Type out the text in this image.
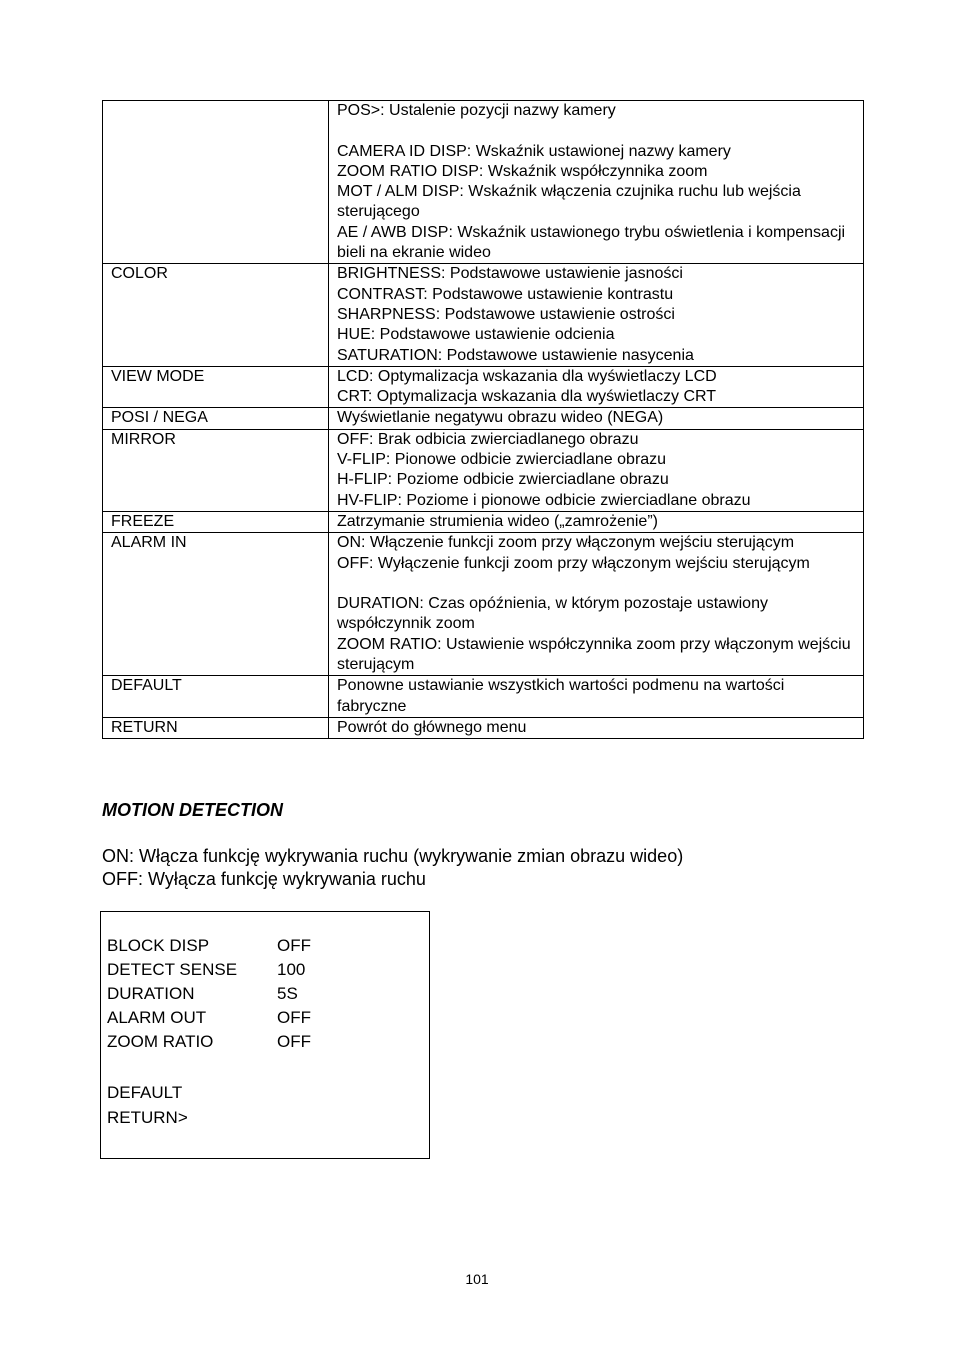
	POS>: Ustalenie pozycji nazwy kamery
CAMERA ID DISP: Wskaźnik ustawionej nazwy kamery
ZOOM RATIO DISP: Wskaźnik współczynnika zoom
MOT / ALM DISP: Wskaźnik włączenia czujnika ruchu lub wejścia sterującego
AE / AWB DISP: Wskaźnik ustawionego trybu oświetlenia i kompensacji bieli na ekranie wideo

COLOR	BRIGHTNESS: Podstawowe ustawienie jasności
CONTRAST: Podstawowe ustawienie kontrastu
SHARPNESS: Podstawowe ustawienie ostrości
HUE: Podstawowe ustawienie odcienia
SATURATION: Podstawowe ustawienie nasycenia

VIEW MODE	LCD: Optymalizacja wskazania dla wyświetlaczy LCD
CRT: Optymalizacja wskazania dla wyświetlaczy CRT

POSI / NEGA	Wyświetlanie negatywu obrazu wideo (NEGA)

MIRROR	OFF: Brak odbicia zwierciadlanego obrazu
V-FLIP: Pionowe odbicie zwierciadlane obrazu
H-FLIP: Poziome odbicie zwierciadlane obrazu
HV-FLIP: Poziome i pionowe odbicie zwierciadlane obrazu

FREEZE	Zatrzymanie strumienia wideo („zamrożenie”)

ALARM IN	ON: Włączenie funkcji zoom przy włączonym wejściu sterującym
OFF: Wyłączenie funkcji zoom przy włączonym wejściu sterującym
DURATION: Czas opóźnienia, w którym pozostaje ustawiony współczynnik zoom
ZOOM RATIO: Ustawienie współczynnika zoom przy włączonym wejściu sterującym

DEFAULT	Ponowne ustawianie wszystkich wartości podmenu na wartości fabryczne

RETURN	Powrót do głównego menu
MOTION DETECTION

ON: Włącza funkcję wykrywania ruchu (wykrywanie zmian obrazu wideo)
OFF: Wyłącza funkcję wykrywania ruchu

BLOCK DISP	OFF
DETECT SENSE 100
DURATION	5S
ALARM OUT	OFF
ZOOM RATIO	OFF
DEFAULT
RETURN>
101
